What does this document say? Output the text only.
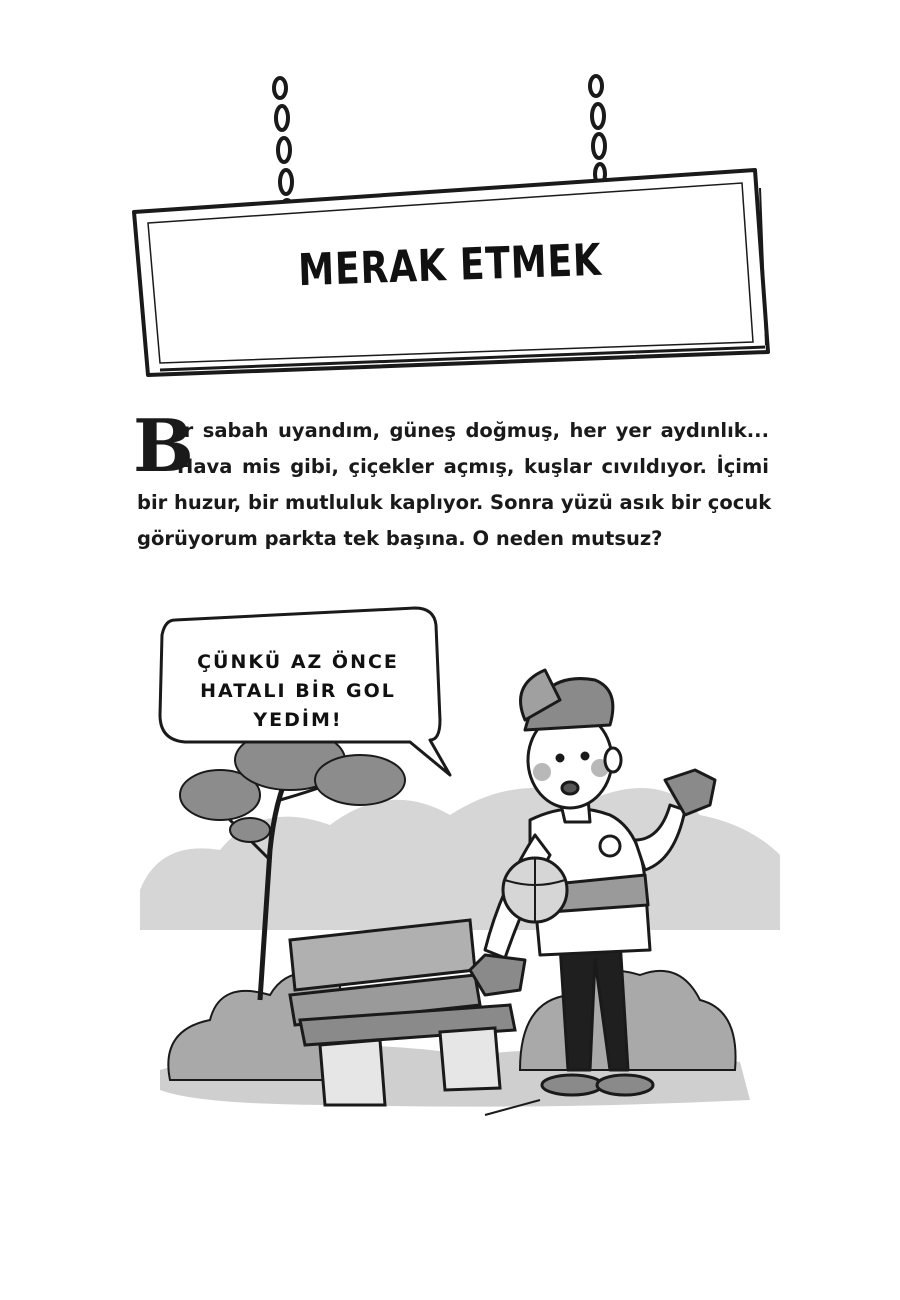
MERAK ETMEK
B
ir sabah uyandım, güneş doğmuş, her yer aydınlık...
Hava mis gibi, çiçekler açmış, kuşlar cıvıldıyor. İçimi
bir huzur, bir mutluluk kaplıyor. Sonra yüzü asık bir çocuk
görüyorum parkta tek başına. O neden mutsuz?
ÇÜNKÜ AZ ÖNCE
HATALI BİR GOL YEDİM!
